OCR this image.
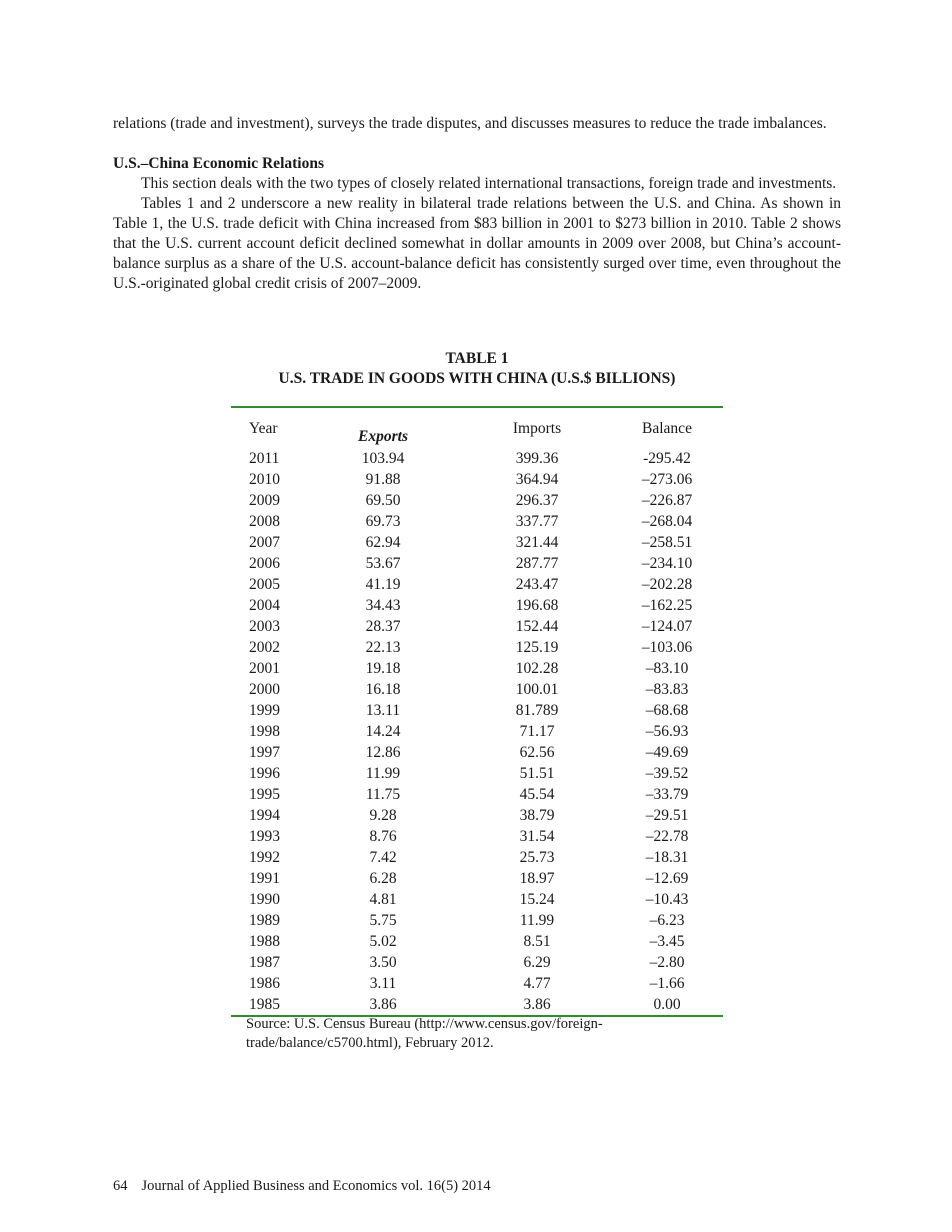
relations (trade and investment), surveys the trade disputes, and discusses measures to reduce the trade imbalances.

U.S.–China Economic Relations

This section deals with the two types of closely related international transactions, foreign trade and investments.

Tables 1 and 2 underscore a new reality in bilateral trade relations between the U.S. and China. As shown in Table 1, the U.S. trade deficit with China increased from $83 billion in 2001 to $273 billion in 2010. Table 2 shows that the U.S. current account deficit declined somewhat in dollar amounts in 2009 over 2008, but China’s account-balance surplus as a share of the U.S. account-balance deficit has consistently surged over time, even throughout the U.S.-originated global credit crisis of 2007–2009.

TABLE 1
U.S. TRADE IN GOODS WITH CHINA (U.S.$ BILLIONS)
Year	Exports	Imports	Balance
2011	103.94	399.36	-295.42
2010	91.88	364.94	–273.06
2009	69.50	296.37	–226.87
2008	69.73	337.77	–268.04
2007	62.94	321.44	–258.51
2006	53.67	287.77	–234.10
2005	41.19	243.47	–202.28
2004	34.43	196.68	–162.25
2003	28.37	152.44	–124.07
2002	22.13	125.19	–103.06
2001	19.18	102.28	–83.10
2000	16.18	100.01	–83.83
1999	13.11	81.789	–68.68
1998	14.24	71.17	–56.93
1997	12.86	62.56	–49.69
1996	11.99	51.51	–39.52
1995	11.75	45.54	–33.79
1994	9.28	38.79	–29.51
1993	8.76	31.54	–22.78
1992	7.42	25.73	–18.31
1991	6.28	18.97	–12.69
1990	4.81	15.24	–10.43
1989	5.75	11.99	–6.23
1988	5.02	8.51	–3.45
1987	3.50	6.29	–2.80
1986	3.11	4.77	–1.66
1985	3.86	3.86	0.00
Source: U.S. Census Bureau (http://www.census.gov/foreign-
trade/balance/c5700.html), February 2012.
64 Journal of Applied Business and Economics vol. 16(5) 2014
